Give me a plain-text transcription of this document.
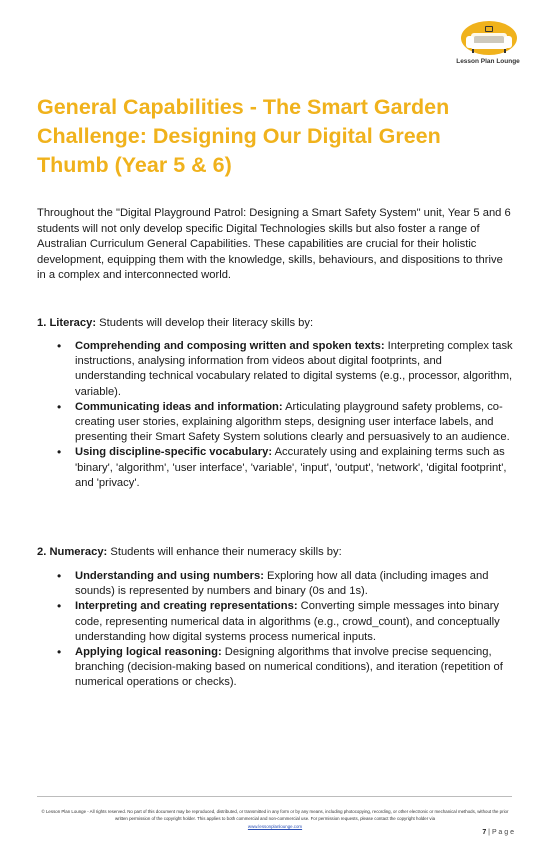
Lesson Plan Lounge
General Capabilities - The Smart Garden Challenge: Designing Our Digital Green Thumb (Year 5 & 6)

Throughout the "Digital Playground Patrol: Designing a Smart Safety System" unit, Year 5 and 6 students will not only develop specific Digital Technologies skills but also foster a range of Australian Curriculum General Capabilities. These capabilities are crucial for their holistic development, equipping them with the knowledge, skills, behaviours, and dispositions to thrive in a complex and interconnected world.

1. Literacy: Students will develop their literacy skills by:

• Comprehending and composing written and spoken texts: Interpreting complex task instructions, analysing information from videos about digital footprints, and understanding technical vocabulary related to digital systems (e.g., processor, algorithm, variable).
• Communicating ideas and information: Articulating playground safety problems, co-creating user stories, explaining algorithm steps, designing user interface labels, and presenting their Smart Safety System solutions clearly and persuasively to an audience.
• Using discipline-specific vocabulary: Accurately using and explaining terms such as 'binary', 'algorithm', 'user interface', 'variable', 'input', 'output', 'network', 'digital footprint', and 'privacy'.

2. Numeracy: Students will enhance their numeracy skills by:

• Understanding and using numbers: Exploring how all data (including images and sounds) is represented by numbers and binary (0s and 1s).
• Interpreting and creating representations: Converting simple messages into binary code, representing numerical data in algorithms (e.g., crowd_count), and conceptually understanding how digital systems process numerical inputs.
• Applying logical reasoning: Designing algorithms that involve precise sequencing, branching (decision-making based on numerical conditions), and iteration (repetition of numerical operations or checks).

© Lesson Plan Lounge - All rights reserved. No part of this document may be reproduced, distributed, or transmitted in any form or by any means, including photocopying, recording, or other electronic or mechanical methods, without the prior written permission of the copyright holder. This applies to both commercial and non-commercial use. For permission requests, please contact the copyright holder via
www.lessonplanlounge.com

7 | P a g e
